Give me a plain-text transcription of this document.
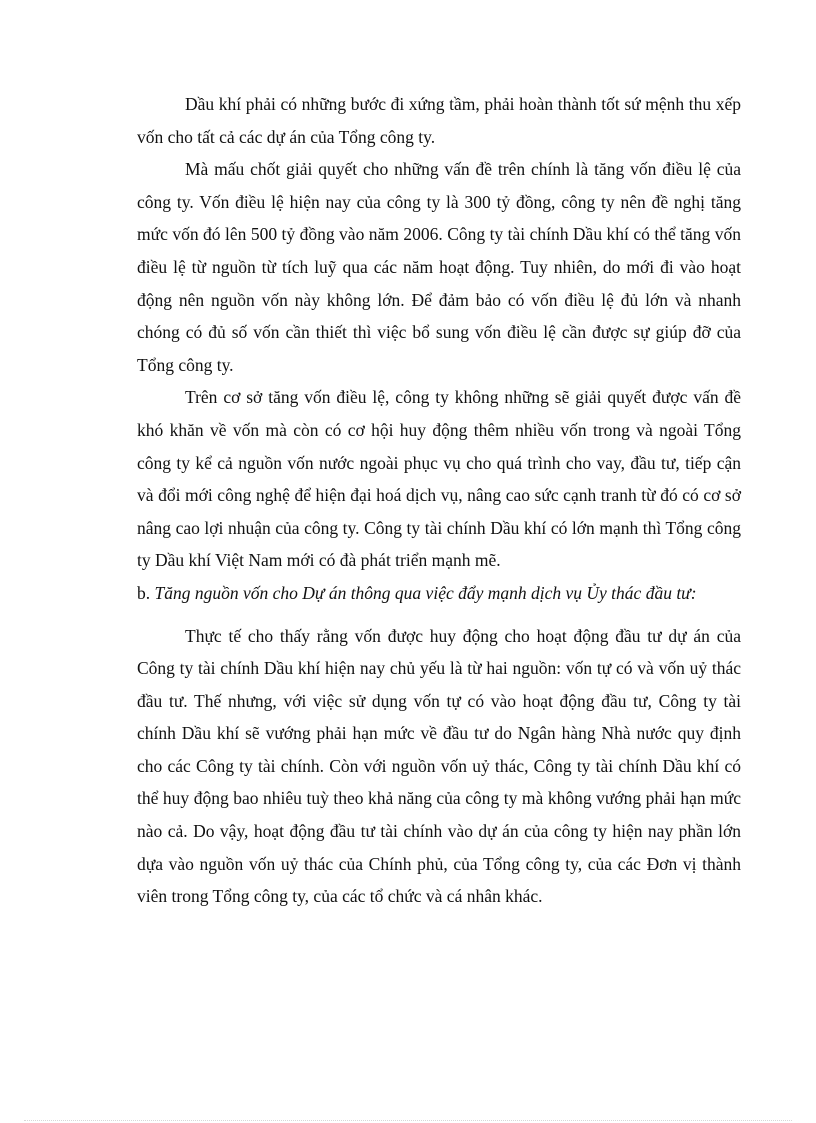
Dầu khí phải có những bước đi xứng tầm, phải hoàn thành tốt sứ mệnh thu xếp vốn cho tất cả các dự án của Tổng công ty.

Mà mấu chốt giải quyết cho những vấn đề trên chính là tăng vốn điều lệ của công ty. Vốn điều lệ hiện nay của công ty là 300 tỷ đồng, công ty nên đề nghị tăng mức vốn đó lên 500 tỷ đồng vào năm 2006. Công ty tài chính Dầu khí có thể tăng vốn điều lệ từ nguồn từ tích luỹ qua các năm hoạt động. Tuy nhiên, do mới đi vào hoạt động nên nguồn vốn này không lớn. Để đảm bảo có vốn điều lệ đủ lớn và nhanh chóng có đủ số vốn cần thiết thì việc bổ sung vốn điều lệ cần được sự giúp đỡ của Tổng công ty.

Trên cơ sở tăng vốn điều lệ, công ty không những sẽ giải quyết được vấn đề khó khăn về vốn mà còn có cơ hội huy động thêm nhiều vốn trong và ngoài Tổng công ty kể cả nguồn vốn nước ngoài phục vụ cho quá trình cho vay, đầu tư, tiếp cận và đổi mới công nghệ để hiện đại hoá dịch vụ, nâng cao sức cạnh tranh từ đó có cơ sở nâng cao lợi nhuận của công ty. Công ty tài chính Dầu khí có lớn mạnh thì Tổng công ty Dầu khí Việt Nam mới có đà phát triển mạnh mẽ.

b. Tăng nguồn vốn cho Dự án thông qua việc đẩy mạnh dịch vụ Ủy thác đầu tư:

Thực tế cho thấy rằng vốn được huy động cho hoạt động đầu tư dự án của Công ty tài chính Dầu khí hiện nay chủ yếu là từ hai nguồn: vốn tự có và vốn uỷ thác đầu tư. Thế nhưng, với việc sử dụng vốn tự có vào hoạt động đầu tư, Công ty tài chính Dầu khí sẽ vướng phải hạn mức về đầu tư do Ngân hàng Nhà nước quy định cho các Công ty tài chính. Còn với nguồn vốn uỷ thác, Công ty tài chính Dầu khí có thể huy động bao nhiêu tuỳ theo khả năng của công ty mà không vướng phải hạn mức nào cả. Do vậy, hoạt động đầu tư tài chính vào dự án của công ty hiện nay phần lớn dựa vào nguồn vốn uỷ thác của Chính phủ, của Tổng công ty, của các Đơn vị thành viên trong Tổng công ty, của các tổ chức và cá nhân khác.
